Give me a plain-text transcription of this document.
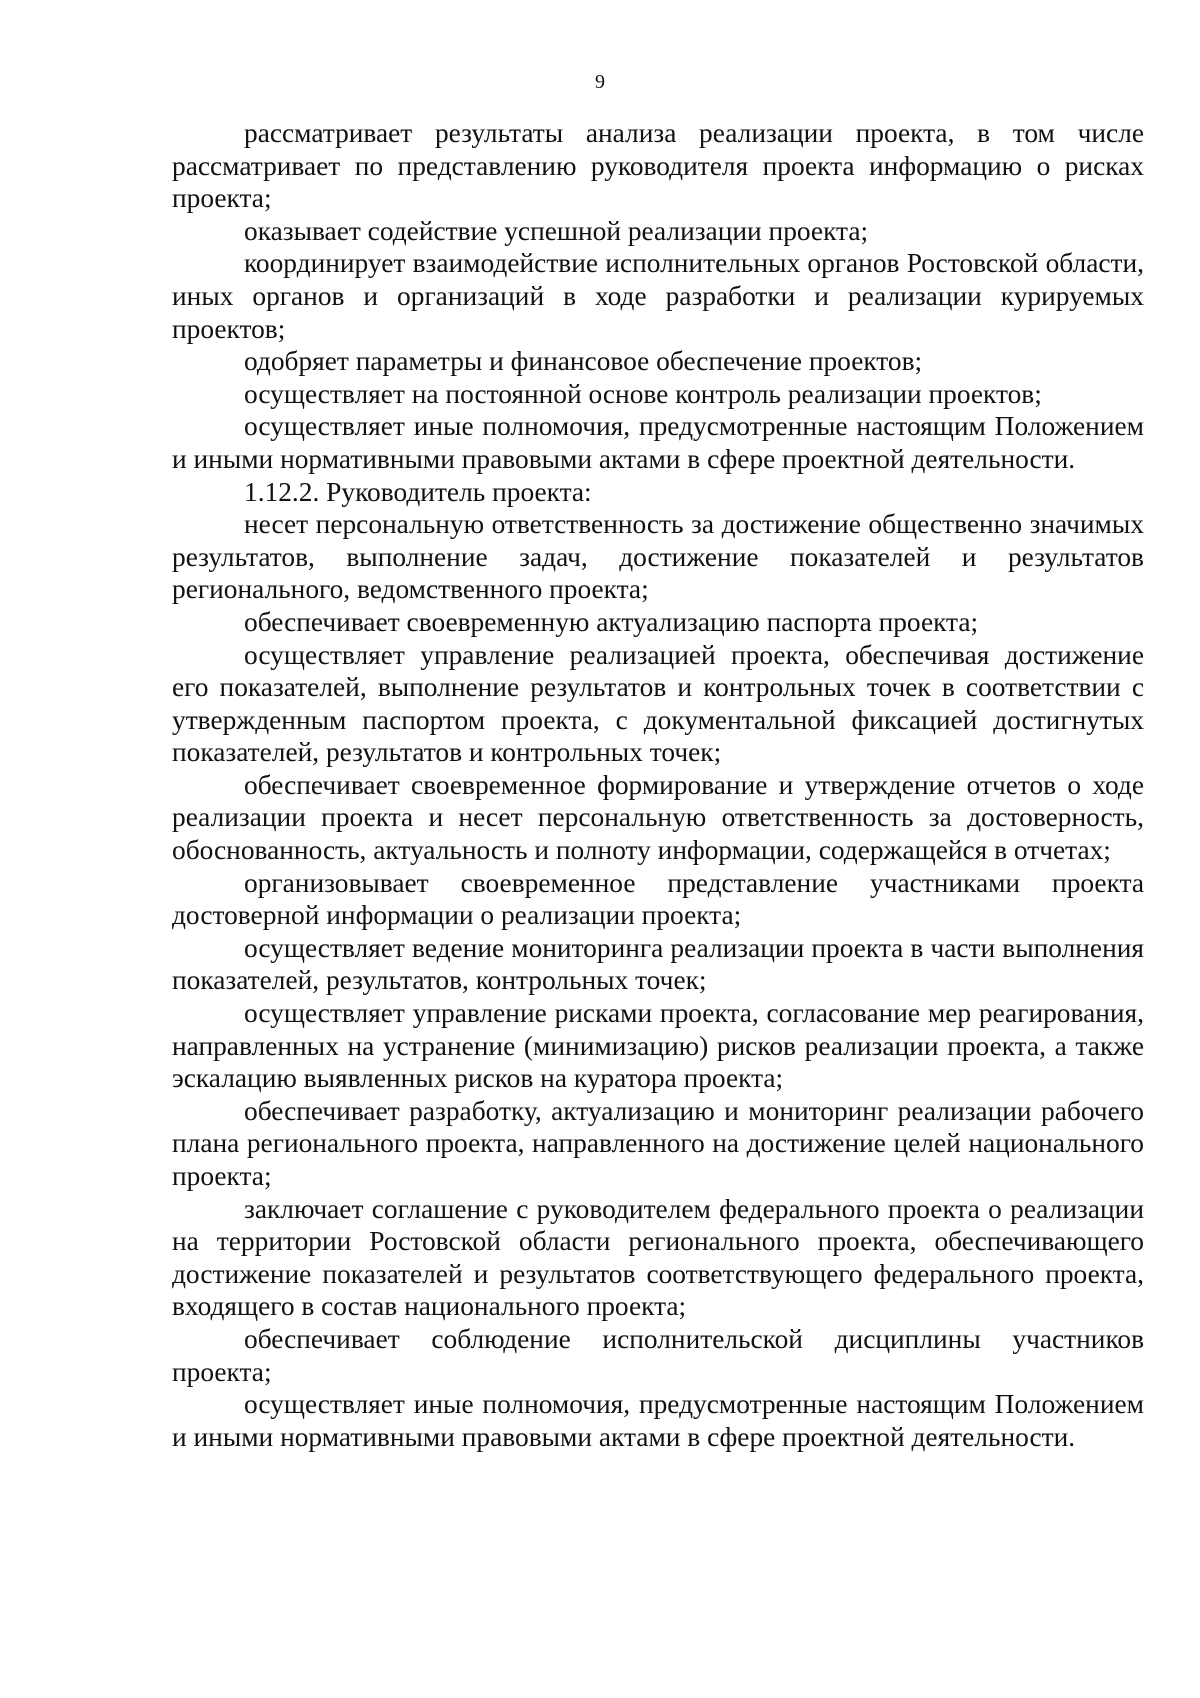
9

рассматривает результаты анализа реализации проекта, в том числе рассматривает по представлению руководителя проекта информацию о рисках проекта;

оказывает содействие успешной реализации проекта;

координирует взаимодействие исполнительных органов Ростовской области, иных органов и организаций в ходе разработки и реализации курируемых проектов;

одобряет параметры и финансовое обеспечение проектов;

осуществляет на постоянной основе контроль реализации проектов;

осуществляет иные полномочия, предусмотренные настоящим Положением и иными нормативными правовыми актами в сфере проектной деятельности.

1.12.2. Руководитель проекта:

несет персональную ответственность за достижение общественно значимых результатов, выполнение задач, достижение показателей и результатов регионального, ведомственного проекта;

обеспечивает своевременную актуализацию паспорта проекта;

осуществляет управление реализацией проекта, обеспечивая достижение его показателей, выполнение результатов и контрольных точек в соответствии с утвержденным паспортом проекта, с документальной фиксацией достигнутых показателей, результатов и контрольных точек;

обеспечивает своевременное формирование и утверждение отчетов о ходе реализации проекта и несет персональную ответственность за достоверность, обоснованность, актуальность и полноту информации, содержащейся в отчетах;

организовывает своевременное представление участниками проекта достоверной информации о реализации проекта;

осуществляет ведение мониторинга реализации проекта в части выполнения показателей, результатов, контрольных точек;

осуществляет управление рисками проекта, согласование мер реагирования, направленных на устранение (минимизацию) рисков реализации проекта, а также эскалацию выявленных рисков на куратора проекта;

обеспечивает разработку, актуализацию и мониторинг реализации рабочего плана регионального проекта, направленного на достижение целей национального проекта;

заключает соглашение с руководителем федерального проекта о реализации на территории Ростовской области регионального проекта, обеспечивающего достижение показателей и результатов соответствующего федерального проекта, входящего в состав национального проекта;

обеспечивает соблюдение исполнительской дисциплины участников проекта;

осуществляет иные полномочия, предусмотренные настоящим Положением и иными нормативными правовыми актами в сфере проектной деятельности.
